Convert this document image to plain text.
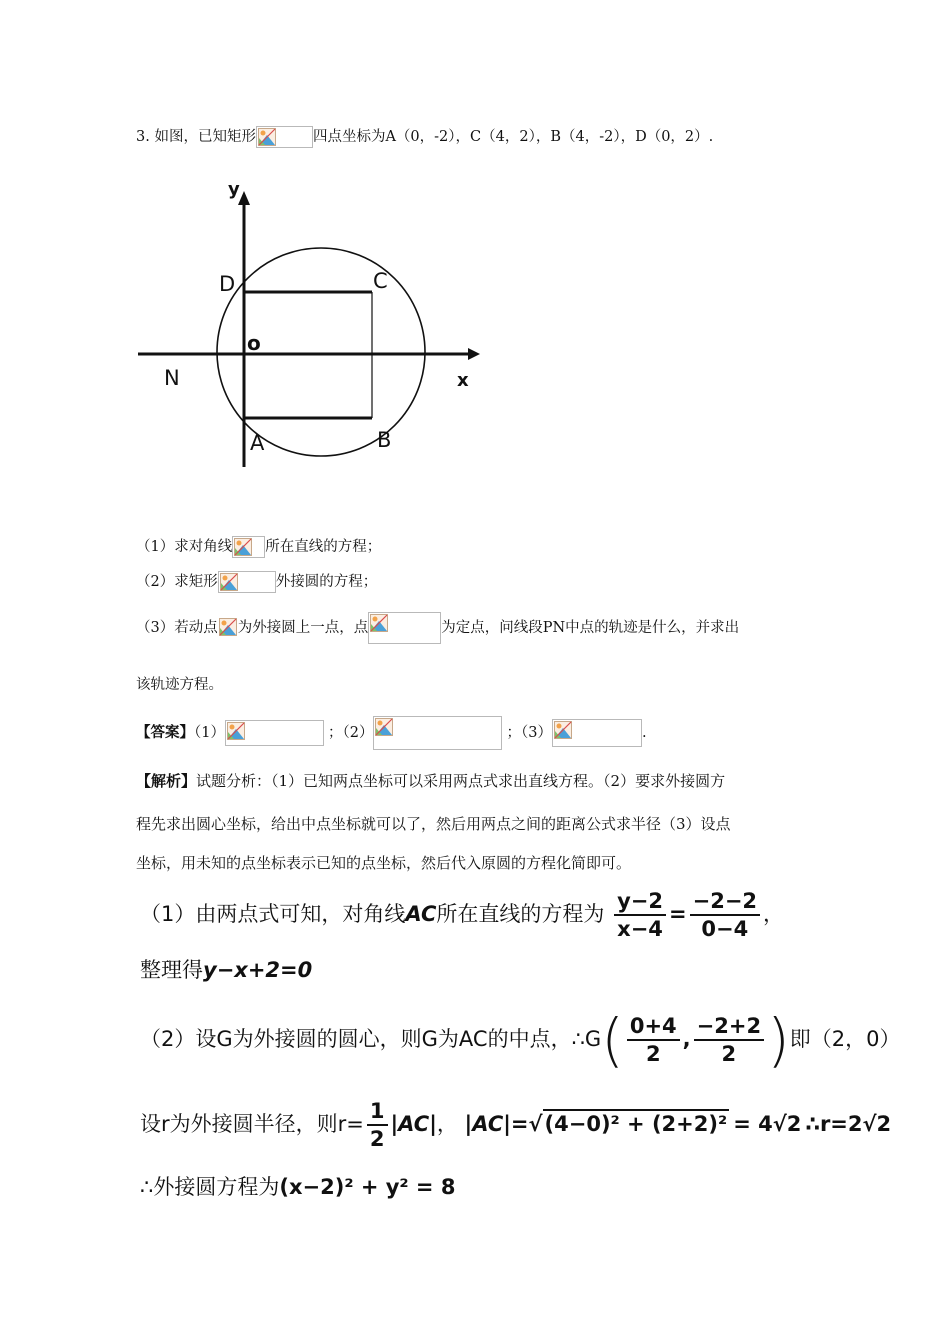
3. 如图，已知矩形	四点坐标为A（0，-2），C（4，2），B（4，-2），D（0，2）.
y
x
o
D	C
A	B
N
（1）求对角线 所在直线的方程；
（2）求矩形	外接圆的方程；
（3）若动点 为外接圆上一点，点	为定点，问线段PN中点的轨迹是什么，并求出
该轨迹方程。
【答案】（1）	；（2）	；（3）	.
【解析】试题分析：（1）已知两点坐标可以采用两点式求出直线方程。（2）要求外接圆方
程先求出圆心坐标，给出中点坐标就可以了，然后用两点之间的距离公式求半径（3）设点
坐标，用未知的点坐标表示已知的点坐标，然后代入原圆的方程化简即可。
（1）由两点式可知，对角线AC所在直线的方程为 $\frac{y-2}{x-4} = \frac{-2-2}{0-4}$ ，
整理得y−x+2=0
（2）设G为外接圆的圆心，则G为AC的中点，∴G( $\frac{0+4}{2}$ , $\frac{-2+2}{2}$ )即（2，0）
设r为外接圆半径，则$r= \frac{1}{2} |AC|$， |AC|=√(4−0)² + (2+2)² = 4√2 ∴r=2√2
∴外接圆方程为(x−2)² + y² = 8
